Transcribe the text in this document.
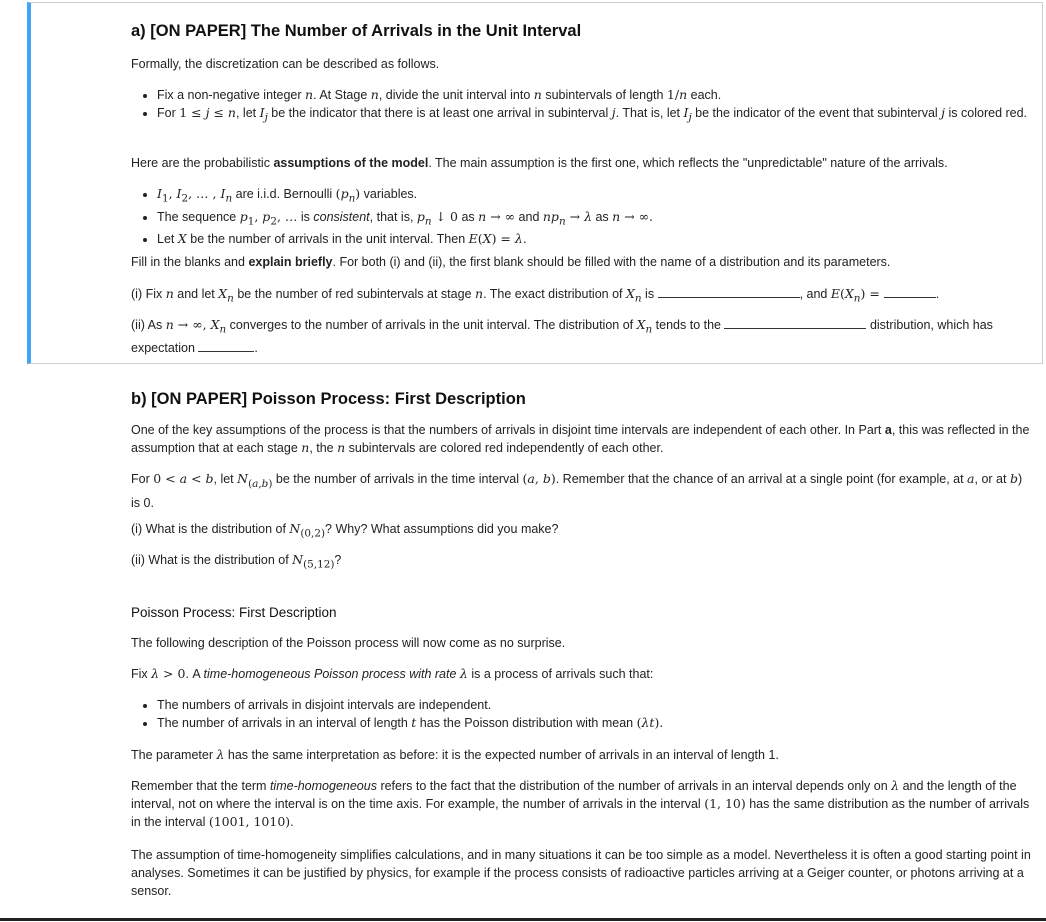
a) [ON PAPER] The Number of Arrivals in the Unit Interval

Formally, the discretization can be described as follows.

• Fix a non-negative integer n. At Stage n, divide the unit interval into n subintervals of length 1/n each.
• For 1 ≤ j ≤ n, let $I_j$ be the indicator that there is at least one arrival in subinterval j. That is, let $I_j$ be the indicator of the event that subinterval j is colored red.

Here are the probabilistic assumptions of the model. The main assumption is the first one, which reflects the "unpredictable" nature of the arrivals.

• $I_1$, $I_2$, … , $I_n$ are i.i.d. Bernoulli $(p_n)$ variables.
• The sequence $p_1$, $p_2$, … is consistent, that is, $p_n$ ↓ 0 as n → ∞ and $np_n \to \lambda$ as n → ∞.
• Let X be the number of arrivals in the unit interval. Then E(X) = λ.

Fill in the blanks and explain briefly. For both (i) and (ii), the first blank should be filled with the name of a distribution and its parameters.

(i) Fix n and let $X_n$ be the number of red subintervals at stage n. The exact distribution of $X_n$ is	, and $E(X_n)$ =	.

(ii) As n → ∞, $X_n$ converges to the number of arrivals in the unit interval. The distribution of $X_n$ tends to the	distribution, which has

expectation	.

b) [ON PAPER] Poisson Process: First Description

One of the key assumptions of the process is that the numbers of arrivals in disjoint time intervals are independent of each other. In Part a, this was reflected in the assumption that at each stage n, the n subintervals are colored red independently of each other.

For 0 < a < b, let $N_{(a,b)}$ be the number of arrivals in the time interval (a, b). Remember that the chance of an arrival at a single point (for example, at a, or at b) is 0.

(i) What is the distribution of $N_{(0,2)}$? Why? What assumptions did you make?

(ii) What is the distribution of $N_{(5,12)}$?

Poisson Process: First Description

The following description of the Poisson process will now come as no surprise.

Fix λ > 0. A time-homogeneous Poisson process with rate λ is a process of arrivals such that:

• The numbers of arrivals in disjoint intervals are independent.
• The number of arrivals in an interval of length t has the Poisson distribution with mean (λt).

The parameter λ has the same interpretation as before: it is the expected number of arrivals in an interval of length 1.

Remember that the term time-homogeneous refers to the fact that the distribution of the number of arrivals in an interval depends only on λ and the length of the interval, not on where the interval is on the time axis. For example, the number of arrivals in the interval (1, 10) has the same distribution as the number of arrivals in the interval (1001, 1010).

The assumption of time-homogeneity simplifies calculations, and in many situations it can be too simple as a model. Nevertheless it is often a good starting point in analyses. Sometimes it can be justified by physics, for example if the process consists of radioactive particles arriving at a Geiger counter, or photons arriving at a sensor.
